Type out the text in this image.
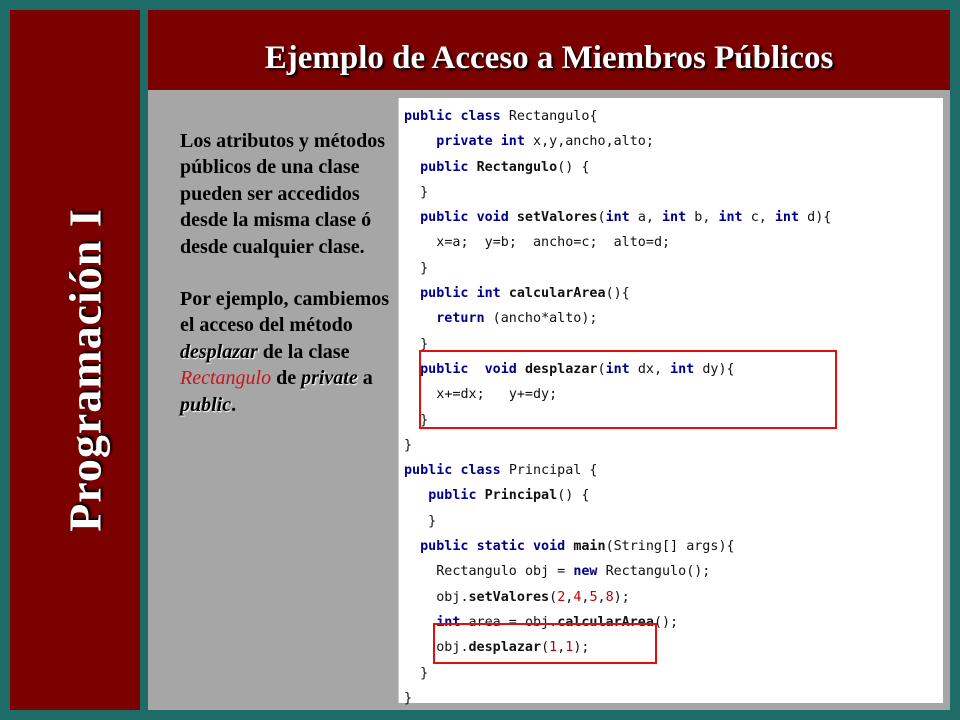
Programación I
Ejemplo de Acceso a Miembros Públicos

Los atributos y métodos públicos de una clase pueden ser accedidos desde la misma clase ó desde cualquier clase.

Por ejemplo, cambiemos el acceso del método
desplazar de la clase Rectangulo de private a public.

public class Rectangulo{
private int x,y,ancho,alto;
public Rectangulo() {
}
public void setValores(int a, int b, int c, int d){
x=a;  y=b;  ancho=c;  alto=d;
}
public int calcularArea(){
return (ancho*alto);
}
public void desplazar(int dx, int dy){
x+=dx;   y+=dy;
}
}
public class Principal {
public Principal() {
}
public static void main(String[] args){
Rectangulo obj = new Rectangulo();
obj.setValores(2,4,5,8);
int area = obj.calcularArea();
obj.desplazar(1,1);
}
}
